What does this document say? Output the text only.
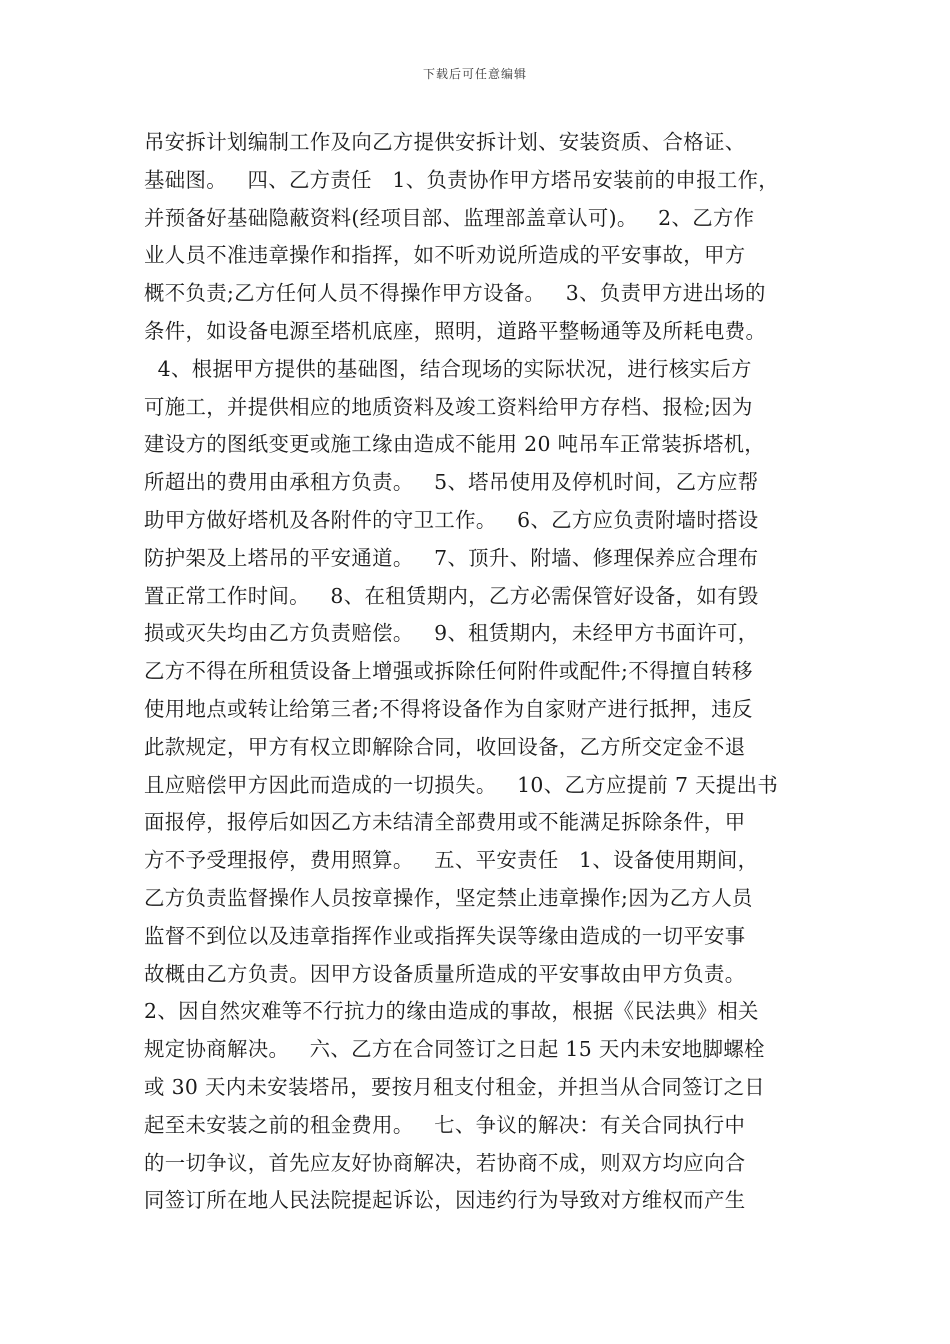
下载后可任意编辑
吊安拆计划编制工作及向乙方提供安拆计划、安装资质、合格证、
基础图。   四、乙方责任   1、负责协作甲方塔吊安装前的申报工作，
并预备好基础隐蔽资料(经项目部、监理部盖章认可)。   2、乙方作
业人员不准违章操作和指挥，如不听劝说所造成的平安事故，甲方
概不负责;乙方任何人员不得操作甲方设备。   3、负责甲方进出场的
条件，如设备电源至塔机底座，照明，道路平整畅通等及所耗电费。
4、根据甲方提供的基础图，结合现场的实际状况，进行核实后方
可施工，并提供相应的地质资料及竣工资料给甲方存档、报检;因为
建设方的图纸变更或施工缘由造成不能用 20 吨吊车正常装拆塔机，
所超出的费用由承租方负责。   5、塔吊使用及停机时间，乙方应帮
助甲方做好塔机及各附件的守卫工作。   6、乙方应负责附墙时搭设
防护架及上塔吊的平安通道。   7、顶升、附墙、修理保养应合理布
置正常工作时间。   8、在租赁期内，乙方必需保管好设备，如有毁
损或灭失均由乙方负责赔偿。   9、租赁期内，未经甲方书面许可，
乙方不得在所租赁设备上增强或拆除任何附件或配件;不得擅自转移
使用地点或转让给第三者;不得将设备作为自家财产进行抵押，违反
此款规定，甲方有权立即解除合同，收回设备，乙方所交定金不退
且应赔偿甲方因此而造成的一切损失。   10、乙方应提前 7 天提出书
面报停，报停后如因乙方未结清全部费用或不能满足拆除条件，甲
方不予受理报停，费用照算。   五、平安责任   1、设备使用期间，
乙方负责监督操作人员按章操作，坚定禁止违章操作;因为乙方人员
监督不到位以及违章指挥作业或指挥失误等缘由造成的一切平安事
故概由乙方负责。因甲方设备质量所造成的平安事故由甲方负责。
2、因自然灾难等不行抗力的缘由造成的事故，根据《民法典》相关
规定协商解决。   六、乙方在合同签订之日起 15 天内未安地脚螺栓
或 30 天内未安装塔吊，要按月租支付租金，并担当从合同签订之日
起至未安装之前的租金费用。   七、争议的解决：有关合同执行中
的一切争议，首先应友好协商解决，若协商不成，则双方均应向合
同签订所在地人民法院提起诉讼，因违约行为导致对方维权而产生
